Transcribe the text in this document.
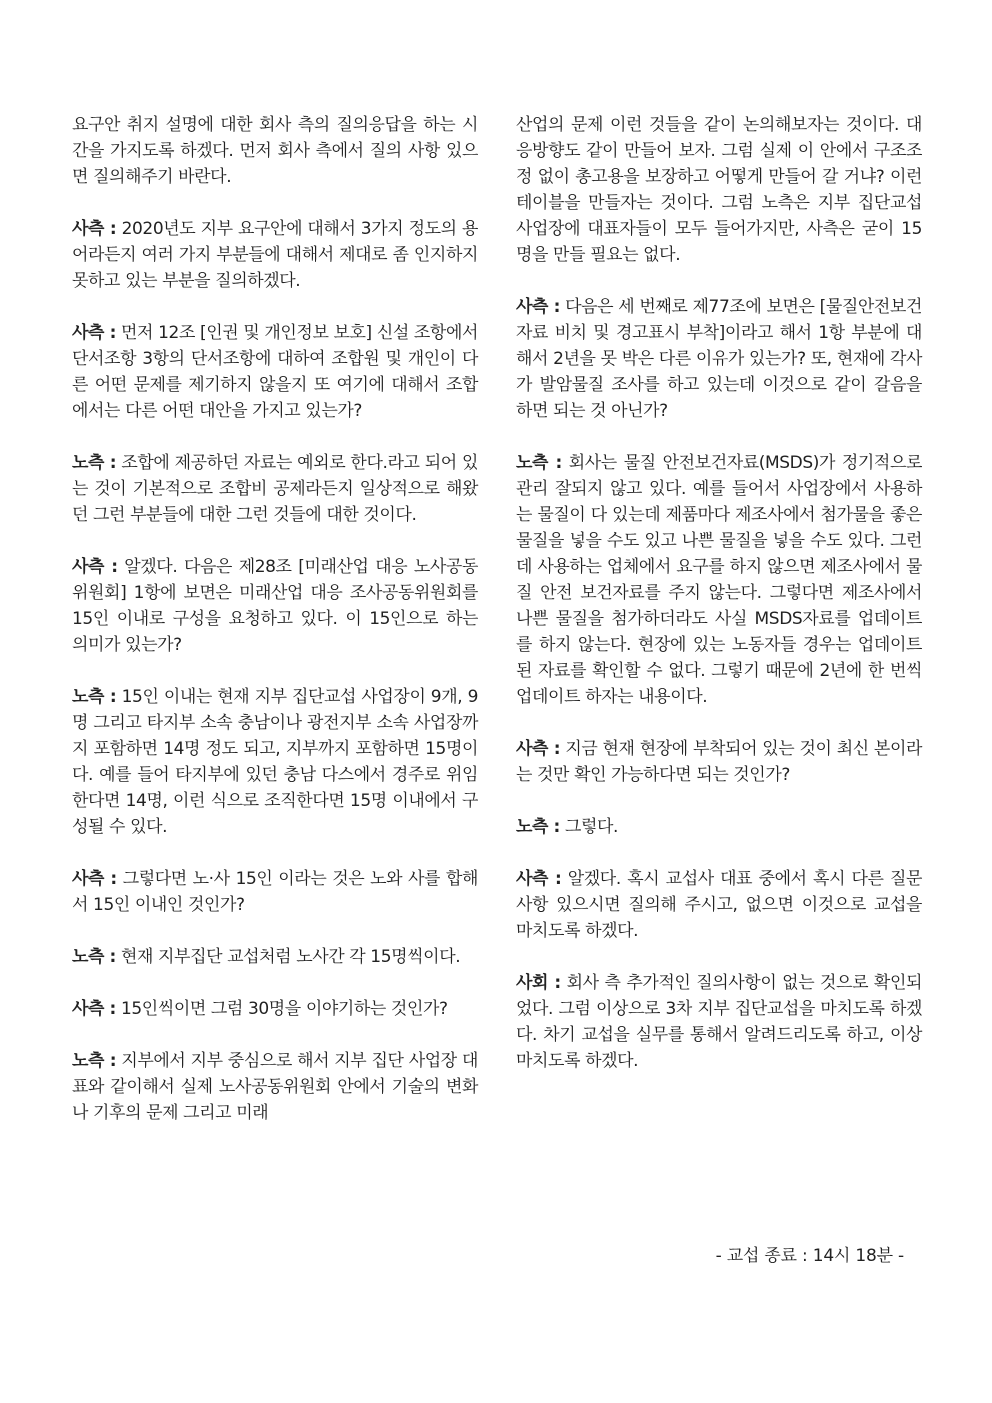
요구안 취지 설명에 대한 회사 측의 질의응답을 하는 시간을 가지도록 하겠다. 먼저 회사 측에서 질의 사항 있으면 질의해주기 바란다.

사측 : 2020년도 지부 요구안에 대해서 3가지 정도의 용어라든지 여러 가지 부분들에 대해서 제대로 좀 인지하지 못하고 있는 부분을 질의하겠다.

사측 : 먼저 12조 [인권 및 개인정보 보호] 신설 조항에서 단서조항 3항의 단서조항에 대하여 조합원 및 개인이 다른 어떤 문제를 제기하지 않을지 또 여기에 대해서 조합에서는 다른 어떤 대안을 가지고 있는가?

노측 : 조합에 제공하던 자료는 예외로 한다.라고 되어 있는 것이 기본적으로 조합비 공제라든지 일상적으로 해왔던 그런 부분들에 대한 그런 것들에 대한 것이다.

사측 : 알겠다. 다음은 제28조 [미래산업 대응 노사공동위원회] 1항에 보면은 미래산업 대응 조사공동위원회를 15인 이내로 구성을 요청하고 있다. 이 15인으로 하는 의미가 있는가?

노측 : 15인 이내는 현재 지부 집단교섭 사업장이 9개, 9명 그리고 타지부 소속 충남이나 광전지부 소속 사업장까지 포함하면 14명 정도 되고, 지부까지 포함하면 15명이다. 예를 들어 타지부에 있던 충남 다스에서 경주로 위임한다면 14명, 이런 식으로 조직한다면 15명 이내에서 구성될 수 있다.

사측 : 그렇다면 노·사 15인 이라는 것은 노와 사를 합해서 15인 이내인 것인가?

노측 : 현재 지부집단 교섭처럼 노사간 각 15명씩이다.

사측 : 15인씩이면 그럼 30명을 이야기하는 것인가?

노측 : 지부에서 지부 중심으로 해서 지부 집단 사업장 대표와 같이해서 실제 노사공동위원회 안에서 기술의 변화나 기후의 문제 그리고 미래

산업의 문제 이런 것들을 같이 논의해보자는 것이다. 대응방향도 같이 만들어 보자. 그럼 실제 이 안에서 구조조정 없이 총고용을 보장하고 어떻게 만들어 갈 거냐? 이런 테이블을 만들자는 것이다. 그럼 노측은 지부 집단교섭 사업장에 대표자들이 모두 들어가지만, 사측은 굳이 15명을 만들 필요는 없다.

사측 : 다음은 세 번째로 제77조에 보면은 [물질안전보건자료 비치 및 경고표시 부착]이라고 해서 1항 부분에 대해서 2년을 못 박은 다른 이유가 있는가? 또, 현재에 각사가 발암물질 조사를 하고 있는데 이것으로 같이 갈음을 하면 되는 것 아닌가?

노측 : 회사는 물질 안전보건자료(MSDS)가 정기적으로 관리 잘되지 않고 있다. 예를 들어서 사업장에서 사용하는 물질이 다 있는데 제품마다 제조사에서 첨가물을 좋은 물질을 넣을 수도 있고 나쁜 물질을 넣을 수도 있다. 그런데 사용하는 업체에서 요구를 하지 않으면 제조사에서 물질 안전 보건자료를 주지 않는다. 그렇다면 제조사에서 나쁜 물질을 첨가하더라도 사실 MSDS자료를 업데이트를 하지 않는다. 현장에 있는 노동자들 경우는 업데이트된 자료를 확인할 수 없다. 그렇기 때문에 2년에 한 번씩 업데이트 하자는 내용이다.

사측 : 지금 현재 현장에 부착되어 있는 것이 최신 본이라는 것만 확인 가능하다면 되는 것인가?

노측 : 그렇다.

사측 : 알겠다. 혹시 교섭사 대표 중에서 혹시 다른 질문 사항 있으시면 질의해 주시고, 없으면 이것으로 교섭을 마치도록 하겠다.

사회 : 회사 측 추가적인 질의사항이 없는 것으로 확인되었다. 그럼 이상으로 3차 지부 집단교섭을 마치도록 하겠다. 차기 교섭을 실무를 통해서 알려드리도록 하고, 이상 마치도록 하겠다.

- 교섭 종료 : 14시 18분 -
